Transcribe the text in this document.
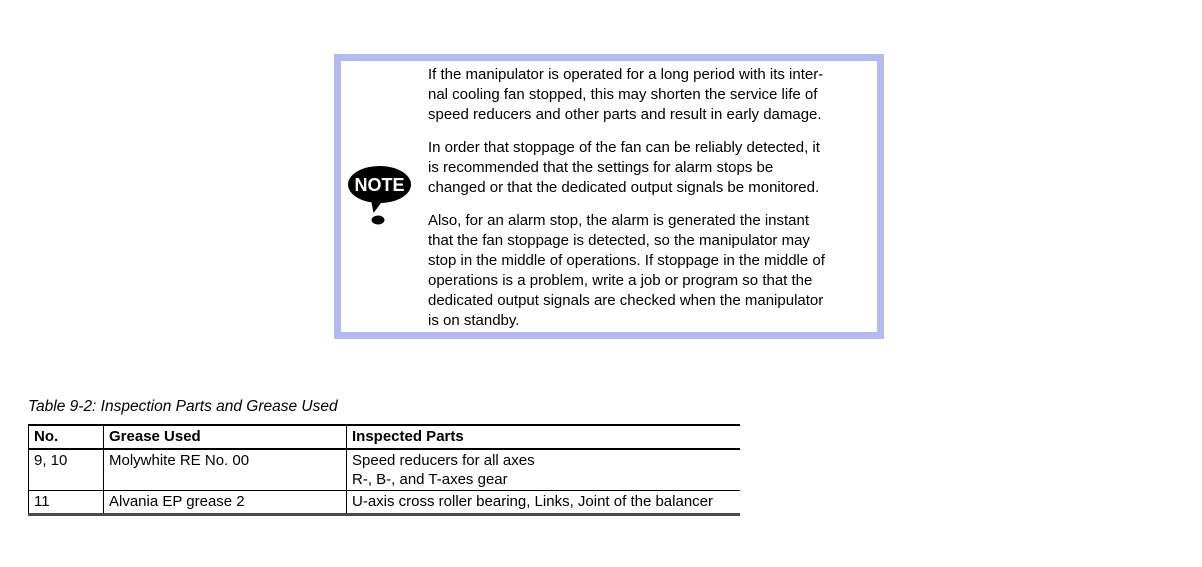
NOTE
If the manipulator is operated for a long period with its inter-
nal cooling fan stopped, this may shorten the service life of
speed reducers and other parts and result in early damage.
In order that stoppage of the fan can be reliably detected, it
is recommended that the settings for alarm stops be
changed or that the dedicated output signals be monitored.
Also, for an alarm stop, the alarm is generated the instant
that the fan stoppage is detected, so the manipulator may
stop in the middle of operations. If stoppage in the middle of
operations is a problem, write a job or program so that the
dedicated output signals are checked when the manipulator
is on standby.
Table 9-2: Inspection Parts and Grease Used
No.	Grease Used	Inspected Parts
9, 10	Molywhite RE No. 00	Speed reducers for all axes
R-, B-, and T-axes gear

11	Alvania EP grease 2	U-axis cross roller bearing, Links, Joint of the balancer
